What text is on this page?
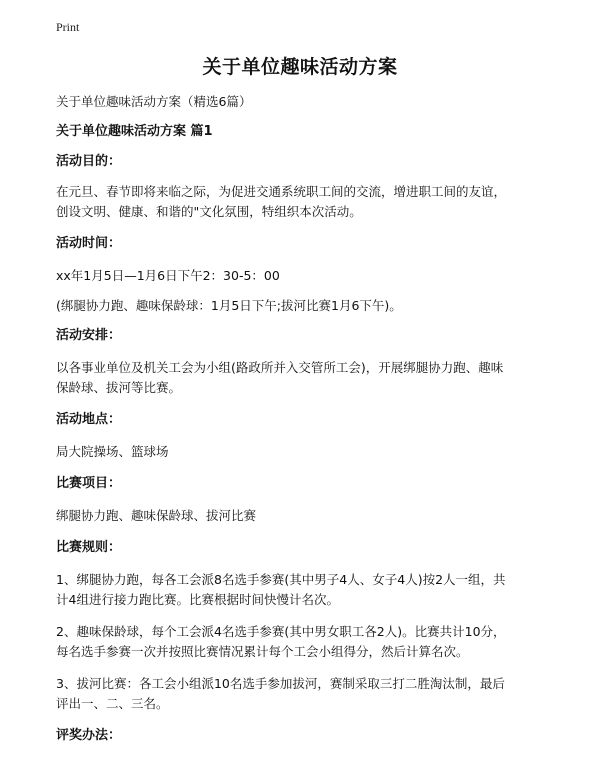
Print
关于单位趣味活动方案

关于单位趣味活动方案（精选6篇）

关于单位趣味活动方案 篇1

活动目的：

在元旦、春节即将来临之际，为促进交通系统职工间的交流，增进职工间的友谊，

创设文明、健康、和谐的"文化氛围，特组织本次活动。

活动时间：

xx年1月5日—1月6日下午2：30-5：00

(绑腿协力跑、趣味保龄球：1月5日下午;拔河比赛1月6下午)。

活动安排：

以各事业单位及机关工会为小组(路政所并入交管所工会)，开展绑腿协力跑、趣味

保龄球、拔河等比赛。

活动地点：

局大院操场、篮球场

比赛项目：

绑腿协力跑、趣味保龄球、拔河比赛

比赛规则：

1、绑腿协力跑，每各工会派8名选手参赛(其中男子4人、女子4人)按2人一组，共

计4组进行接力跑比赛。比赛根据时间快慢计名次。

2、趣味保龄球，每个工会派4名选手参赛(其中男女职工各2人)。比赛共计10分，

每名选手参赛一次并按照比赛情况累计每个工会小组得分，然后计算名次。

3、拔河比赛：各工会小组派10名选手参加拔河，赛制采取三打二胜淘汰制，最后

评出一、二、三名。

评奖办法：
